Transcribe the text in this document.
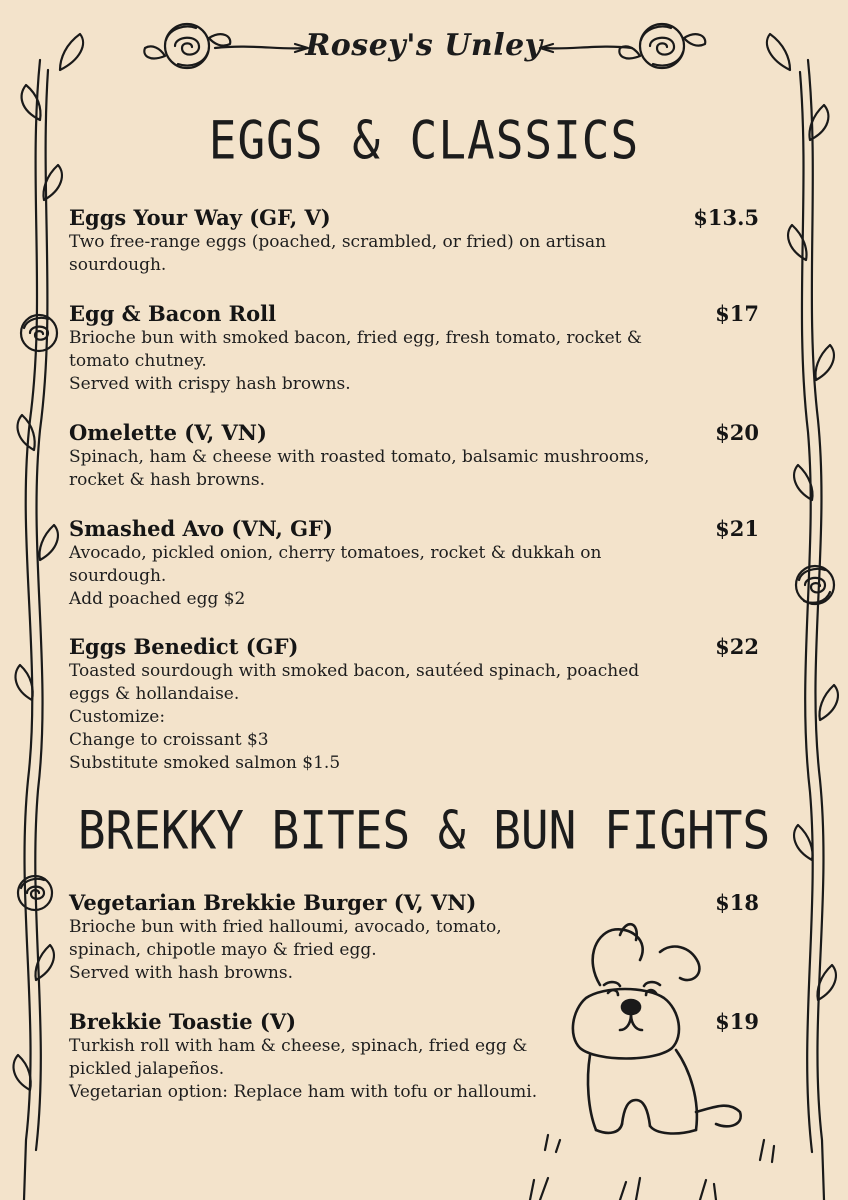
Rosey's Unley
EGGS & CLASSICS
Eggs Your Way (GF, V)	$13.5
Two free-range eggs (poached, scrambled, or fried) on artisan
sourdough.
Egg & Bacon Roll	$17
Brioche bun with smoked bacon, fried egg, fresh tomato, rocket &
tomato chutney.
Served with crispy hash browns.
Omelette (V, VN)	$20
Spinach, ham & cheese with roasted tomato, balsamic mushrooms,
rocket & hash browns.
Smashed Avo (VN, GF)	$21
Avocado, pickled onion, cherry tomatoes, rocket & dukkah on
sourdough.
Add poached egg $2
Eggs Benedict (GF)	$22
Toasted sourdough with smoked bacon, sautéed spinach, poached
eggs & hollandaise.
Customize:
Change to croissant $3
Substitute smoked salmon $1.5
BREKKY BITES & BUN FIGHTS
Vegetarian Brekkie Burger (V, VN)	$18
Brioche bun with fried halloumi, avocado, tomato,
spinach, chipotle mayo & fried egg.
Served with hash browns.
Brekkie Toastie (V)	$19
Turkish roll with ham & cheese, spinach, fried egg &
pickled jalapeños.
Vegetarian option: Replace ham with tofu or halloumi.
